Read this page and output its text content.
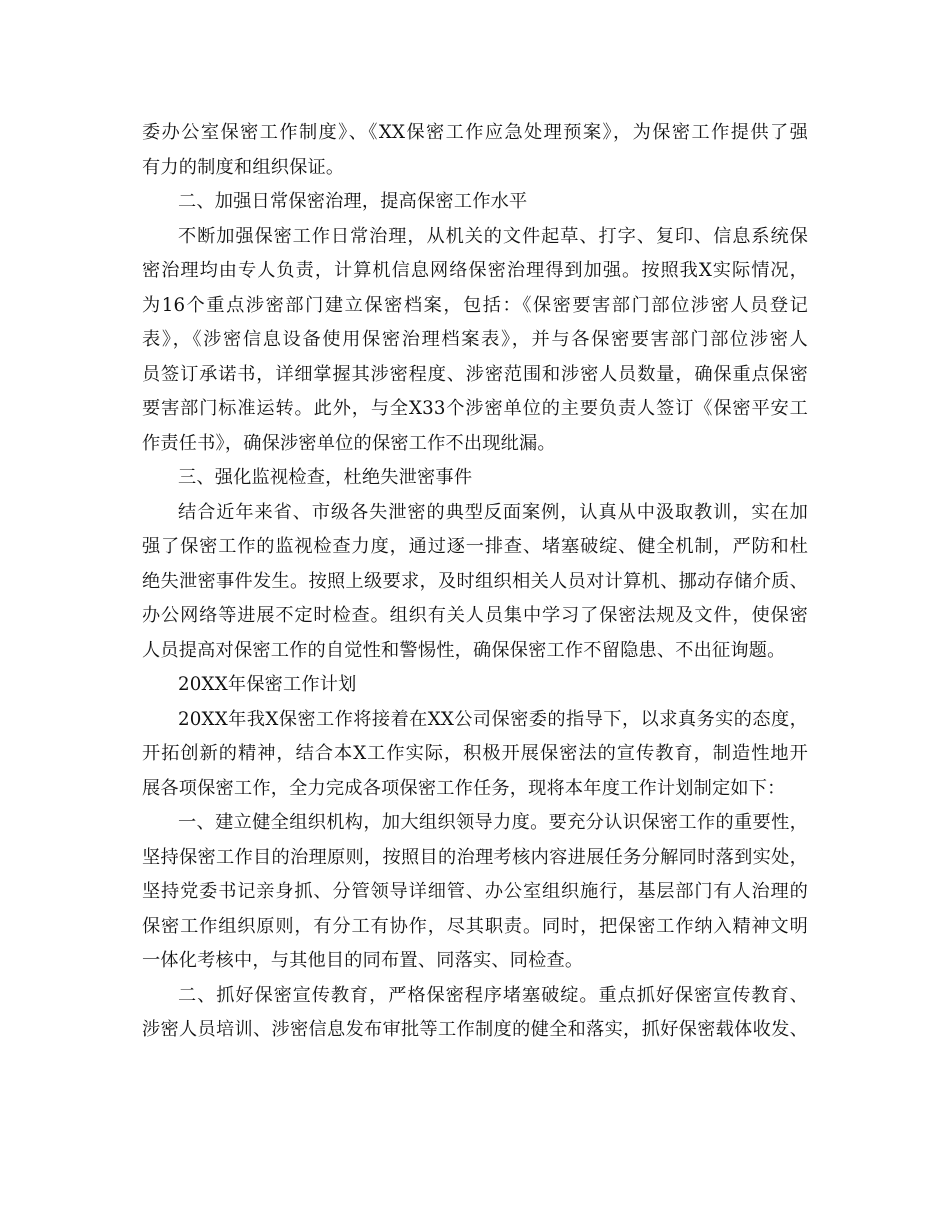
委办公室保密工作制度》、《XX保密工作应急处理预案》，为保密工作提供了强
有力的制度和组织保证。
二、加强日常保密治理，提高保密工作水平
不断加强保密工作日常治理，从机关的文件起草、打字、复印、信息系统保
密治理均由专人负责，计算机信息网络保密治理得到加强。按照我X实际情况，
为16个重点涉密部门建立保密档案，包括：《保密要害部门部位涉密人员登记
表》，《涉密信息设备使用保密治理档案表》，并与各保密要害部门部位涉密人
员签订承诺书，详细掌握其涉密程度、涉密范围和涉密人员数量，确保重点保密
要害部门标准运转。此外，与全X33个涉密单位的主要负责人签订《保密平安工
作责任书》，确保涉密单位的保密工作不出现纰漏。
三、强化监视检查，杜绝失泄密事件
结合近年来省、市级各失泄密的典型反面案例，认真从中汲取教训，实在加
强了保密工作的监视检查力度，通过逐一排查、堵塞破绽、健全机制，严防和杜
绝失泄密事件发生。按照上级要求，及时组织相关人员对计算机、挪动存储介质、
办公网络等进展不定时检查。组织有关人员集中学习了保密法规及文件，使保密
人员提高对保密工作的自觉性和警惕性，确保保密工作不留隐患、不出征询题。
20XX年保密工作计划
20XX年我X保密工作将接着在XX公司保密委的指导下，以求真务实的态度，
开拓创新的精神，结合本X工作实际，积极开展保密法的宣传教育，制造性地开
展各项保密工作，全力完成各项保密工作任务，现将本年度工作计划制定如下：
一、建立健全组织机构，加大组织领导力度。要充分认识保密工作的重要性，
坚持保密工作目的治理原则，按照目的治理考核内容进展任务分解同时落到实处，
坚持党委书记亲身抓、分管领导详细管、办公室组织施行，基层部门有人治理的
保密工作组织原则，有分工有协作，尽其职责。同时，把保密工作纳入精神文明
一体化考核中，与其他目的同布置、同落实、同检查。
二、抓好保密宣传教育，严格保密程序堵塞破绽。重点抓好保密宣传教育、
涉密人员培训、涉密信息发布审批等工作制度的健全和落实，抓好保密载体收发、
